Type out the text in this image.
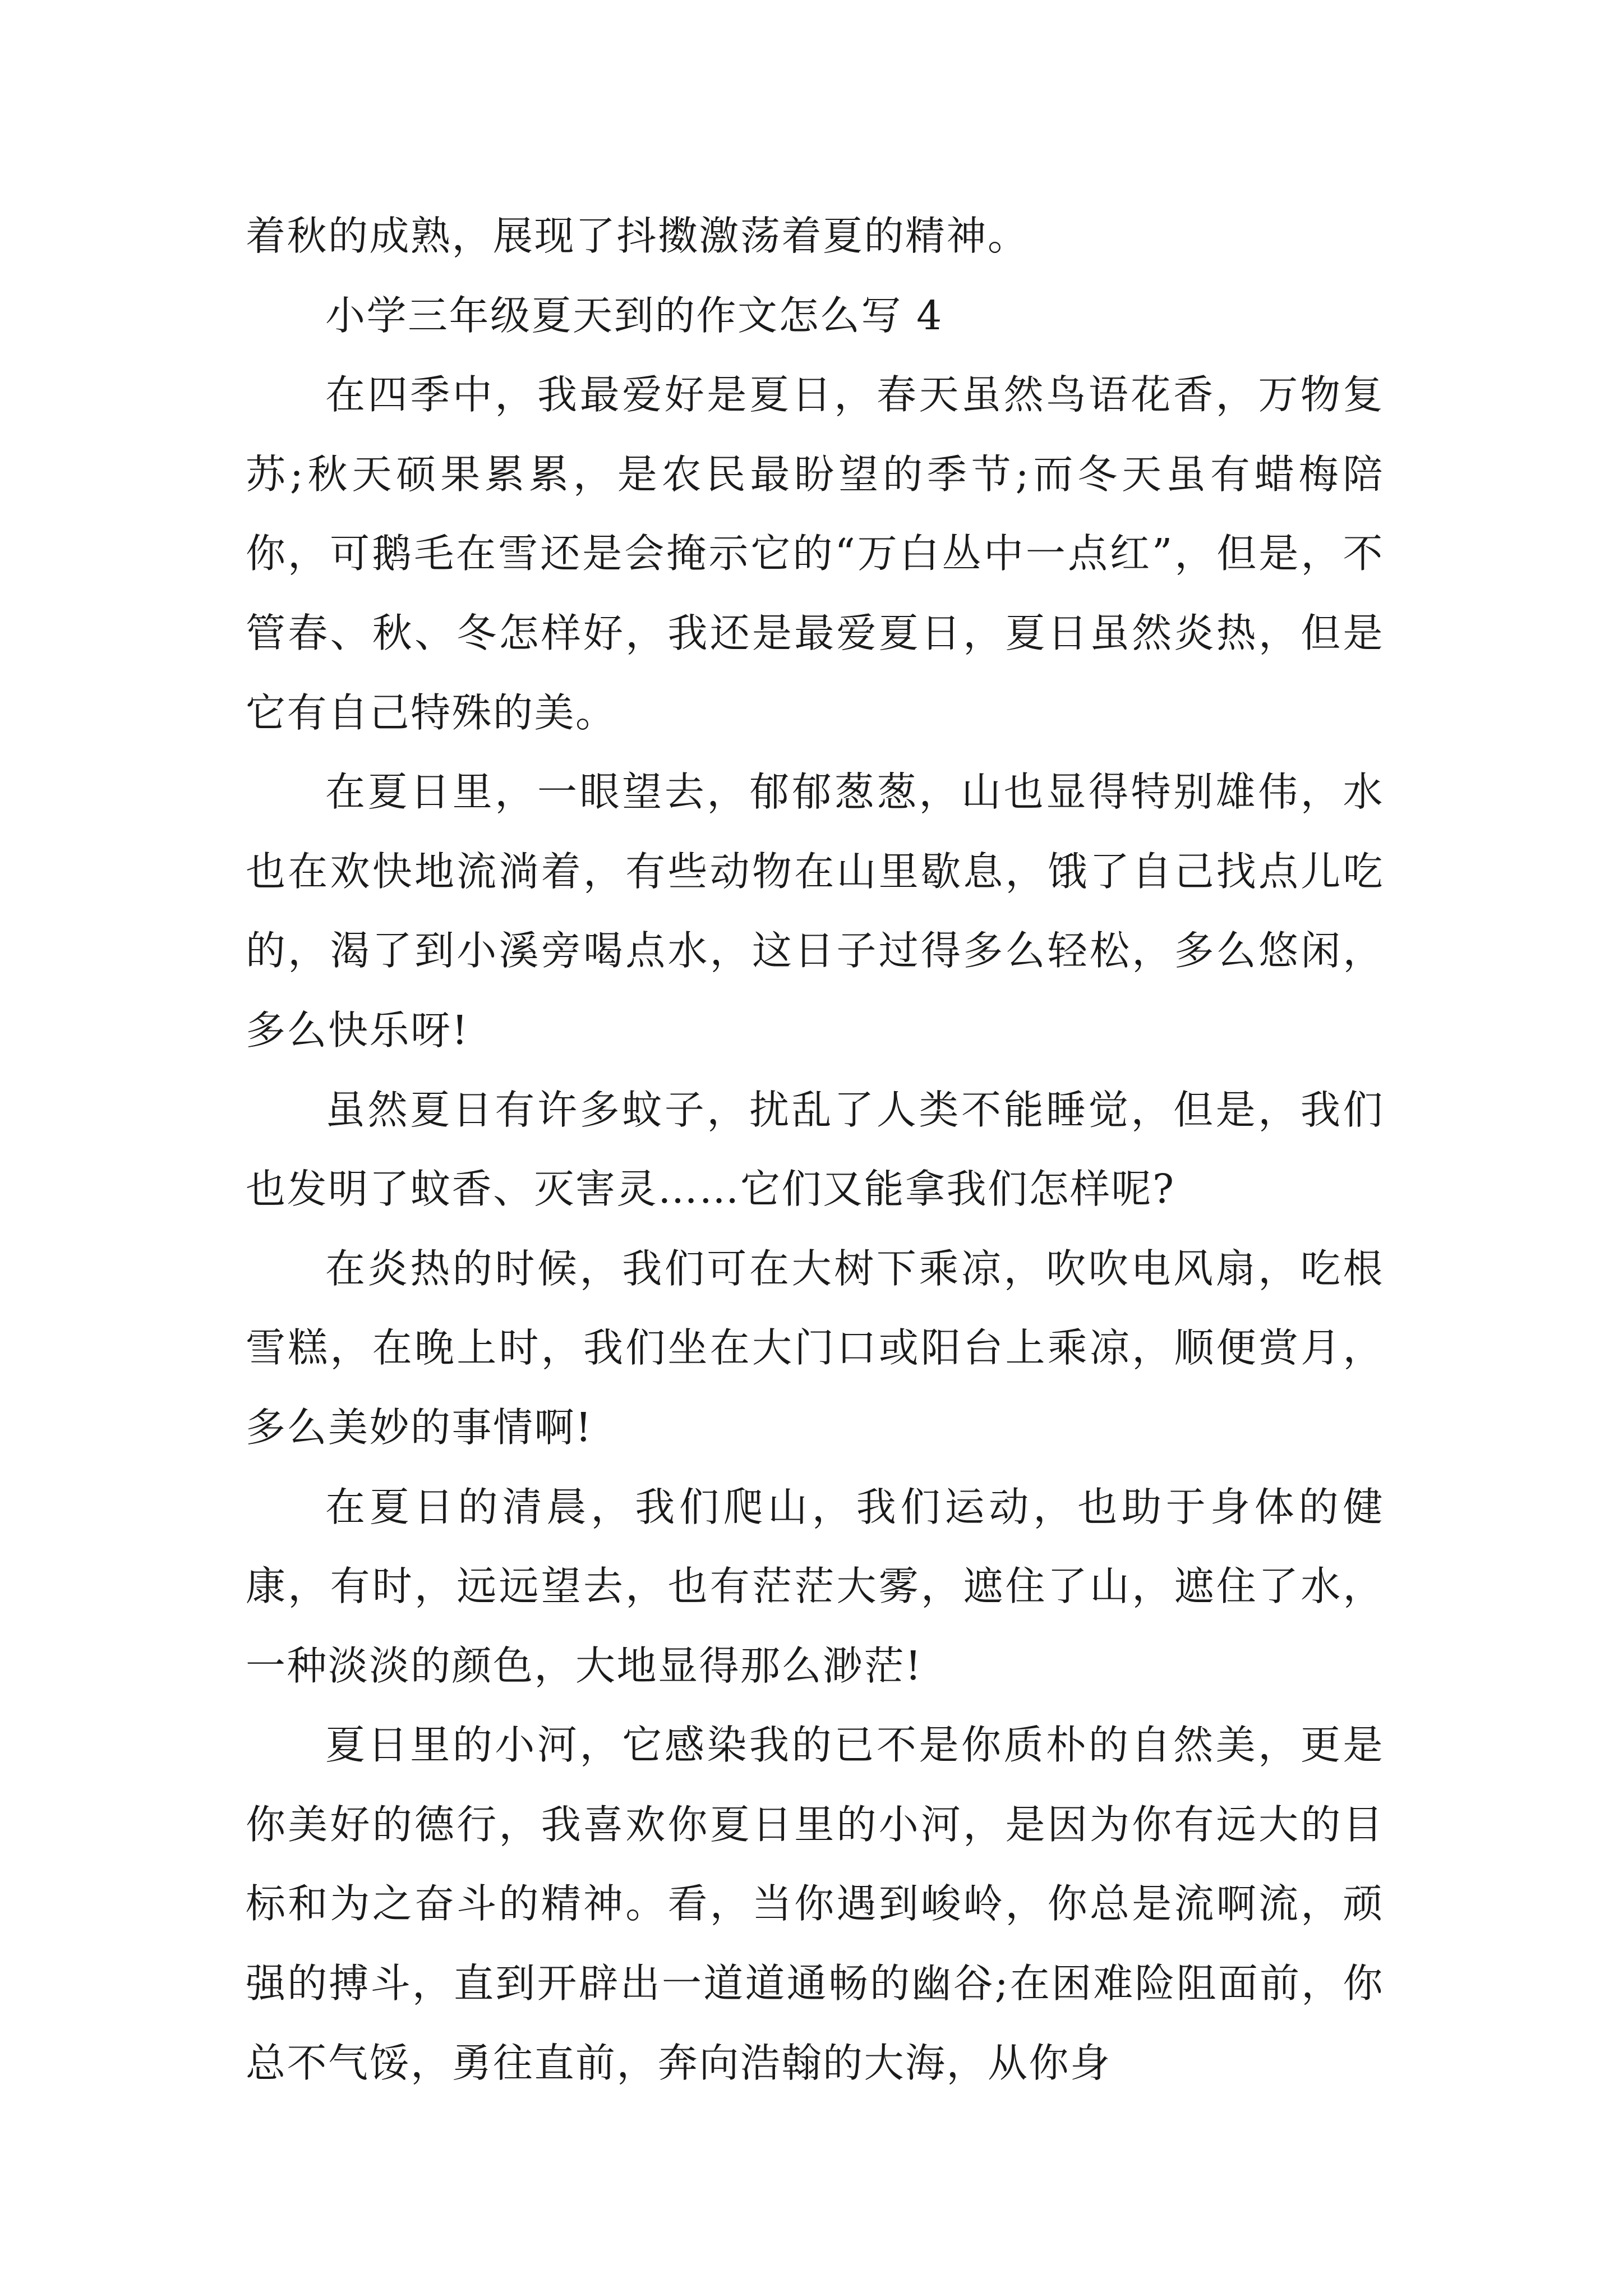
着秋的成熟，展现了抖擞激荡着夏的精神。

小学三年级夏天到的作文怎么写 4

在四季中，我最爱好是夏日，春天虽然鸟语花香，万物复苏;秋天硕果累累，是农民最盼望的季节;而冬天虽有蜡梅陪你，可鹅毛在雪还是会掩示它的“万白丛中一点红”，但是，不管春、秋、冬怎样好，我还是最爱夏日，夏日虽然炎热，但是它有自己特殊的美。

在夏日里，一眼望去，郁郁葱葱，山也显得特别雄伟，水也在欢快地流淌着，有些动物在山里歇息，饿了自己找点儿吃的，渴了到小溪旁喝点水，这日子过得多么轻松，多么悠闲，多么快乐呀!

虽然夏日有许多蚊子，扰乱了人类不能睡觉，但是，我们也发明了蚊香、灭害灵……它们又能拿我们怎样呢?

在炎热的时候，我们可在大树下乘凉，吹吹电风扇，吃根雪糕，在晚上时，我们坐在大门口或阳台上乘凉，顺便赏月，多么美妙的事情啊!

在夏日的清晨，我们爬山，我们运动，也助于身体的健康，有时，远远望去，也有茫茫大雾，遮住了山，遮住了水，一种淡淡的颜色，大地显得那么渺茫!

夏日里的小河，它感染我的已不是你质朴的自然美，更是你美好的德行，我喜欢你夏日里的小河，是因为你有远大的目标和为之奋斗的精神。看，当你遇到峻岭，你总是流啊流，顽强的搏斗，直到开辟出一道道通畅的幽谷;在困难险阻面前，你总不气馁，勇往直前，奔向浩翰的大海，从你身
